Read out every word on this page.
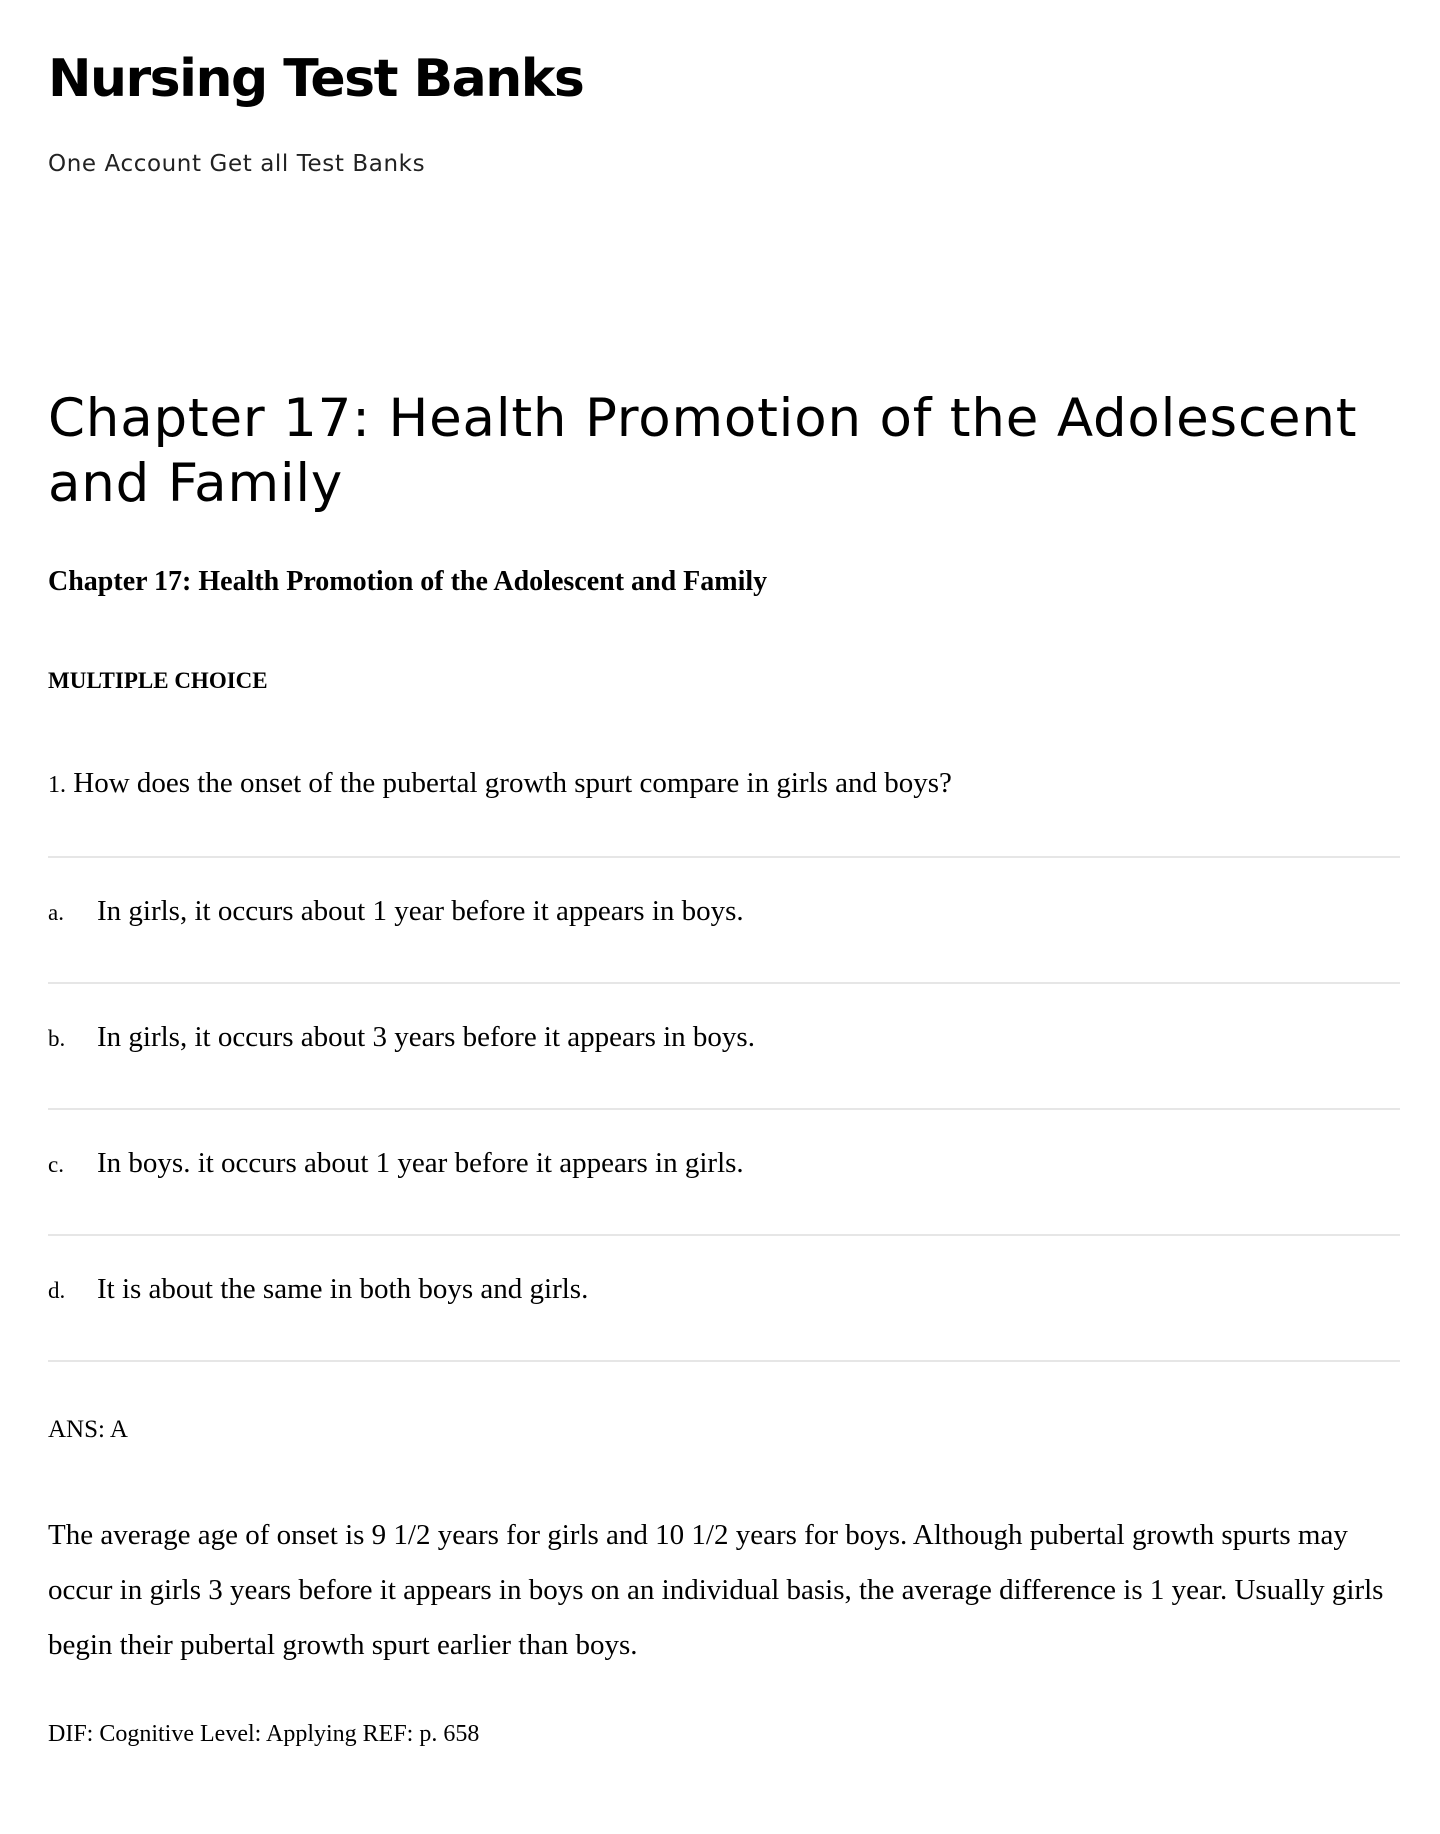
Nursing Test Banks

One Account Get all Test Banks

Chapter 17: Health Promotion of the Adolescent and Family

Chapter 17: Health Promotion of the Adolescent and Family

MULTIPLE CHOICE

1. How does the onset of the pubertal growth spurt compare in girls and boys?

a. In girls, it occurs about 1 year before it appears in boys.
b. In girls, it occurs about 3 years before it appears in boys.
c. In boys. it occurs about 1 year before it appears in girls.
d. It is about the same in both boys and girls.

ANS: A

The average age of onset is 9 1/2 years for girls and 10 1/2 years for boys. Although pubertal growth spurts may occur in girls 3 years before it appears in boys on an individual basis, the average difference is 1 year. Usually girls begin their pubertal growth spurt earlier than boys.

DIF: Cognitive Level: Applying REF: p. 658
